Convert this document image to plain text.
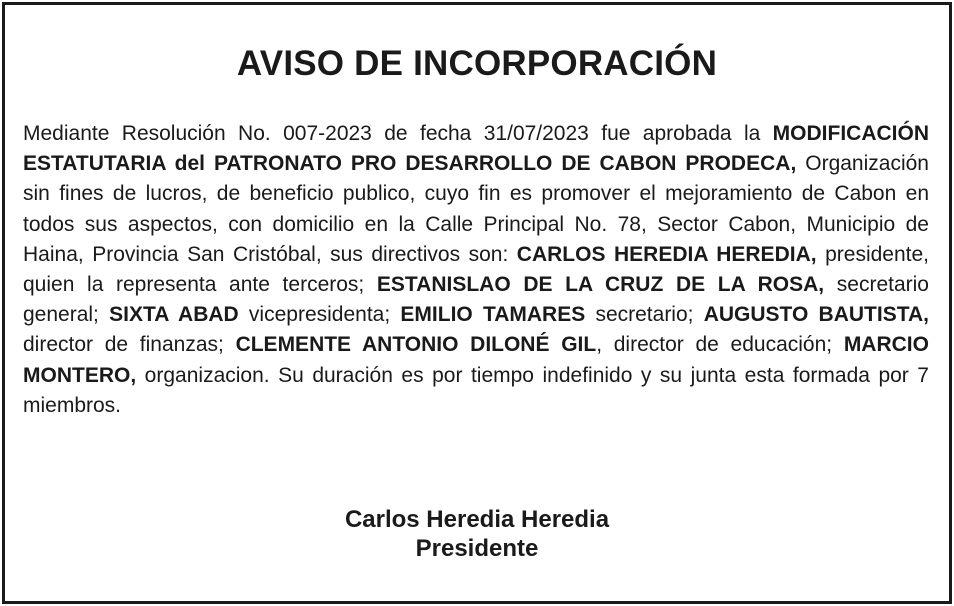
AVISO DE INCORPORACIÓN

Mediante Resolución No. 007-2023 de fecha 31/07/2023 fue aprobada la MODIFICACIÓN ESTATUTARIA del PATRONATO PRO DESARROLLO DE CABON PRODECA, Organización sin fines de lucros, de beneficio publico, cuyo fin es promover el mejoramiento de Cabon en todos sus aspectos, con domicilio en la Calle Principal No. 78, Sector Cabon, Municipio de Haina, Provincia San Cristóbal, sus directivos son: CARLOS HEREDIA HEREDIA, presidente, quien la representa ante terceros; ESTANISLAO DE LA CRUZ DE LA ROSA, secretario general; SIXTA ABAD vicepresidenta; EMILIO TAMARES secretario; AUGUSTO BAUTISTA, director de finanzas; CLEMENTE ANTONIO DILONÉ GIL, director de educación; MARCIO MONTERO, organizacion. Su duración es por tiempo indefinido y su junta esta formada por 7 miembros.

Carlos Heredia Heredia
Presidente
